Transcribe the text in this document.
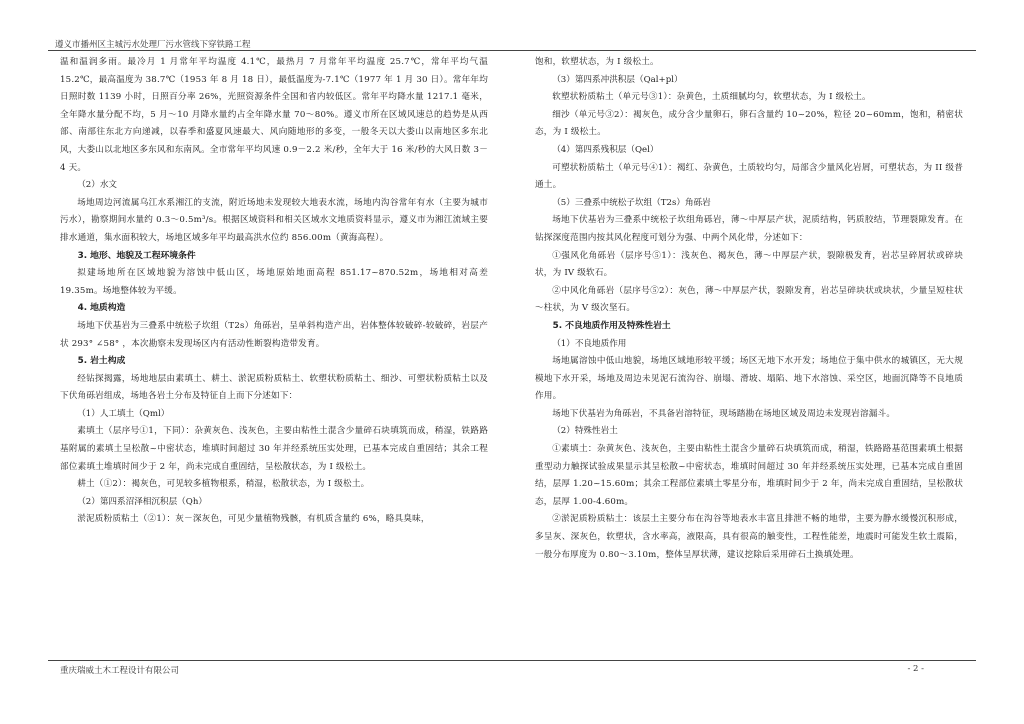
遵义市播州区主城污水处理厂污水管线下穿铁路工程

温和温润多雨。最冷月 1 月常年平均温度 4.1℃，最热月 7 月常年平均温度 25.7℃，常年平均气温 15.2℃，最高温度为 38.7℃（1953 年 8 月 18 日），最低温度为-7.1℃（1977 年 1 月 30 日）。常年年均日照时数 1139 小时，日照百分率 26%，光照资源条件全国和省内较低区。常年平均降水量 1217.1 毫米，全年降水量分配不均，5 月～10 月降水量约占全年降水量 70～80%。遵义市所在区域风速总的趋势是从西部、南部往东北方向递减，以春季和盛夏风速最大、风向随地形的多变，一般冬天以大娄山以南地区多东北风，大娄山以北地区多东风和东南风。全市常年平均风速 0.9－2.2 米/秒，全年大于 16 米/秒的大风日数 3－4 天。

（2）水文

场地周边河流属乌江水系湘江的支流，附近场地未发现较大地表水流，场地内沟谷常年有水（主要为城市污水），勘察期间水量约 0.3～0.5m³/s。根据区域资料和相关区域水文地质资料显示，遵义市为湘江流域主要排水通道，集水面积较大，场地区域多年平均最高洪水位约 856.00m（黄海高程）。

3. 地形、地貌及工程环境条件

拟建场地所在区域地貌为溶蚀中低山区，场地原始地面高程 851.17~870.52m，场地相对高差 19.35m。场地整体较为平缓。

4. 地质构造

场地下伏基岩为三叠系中统松子坎组（T2s）角砾岩，呈单斜构造产出，岩体整体较破碎-较破碎，岩层产状 293° ∠58° ，本次勘察未发现场区内有活动性断裂构造带发育。

5. 岩土构成

经钻探揭露，场地地层由素填土、耕土、淤泥质粉质粘土、软塑状粉质粘土、细沙、可塑状粉质粘土以及下伏角砾岩组成，场地各岩土分布及特征自上而下分述如下：

（1）人工填土（Qml）

素填土（层序号①1，下同）：杂黄灰色、浅灰色，主要由粘性土混含少量碎石块填筑而成，稍湿，铁路路基附属的素填土呈松散~中密状态，堆填时间超过 30 年并经系统压实处理，已基本完成自重固结；其余工程部位素填土堆填时间少于 2 年，尚未完成自重固结，呈松散状态，为 I 级松土。

耕土（①2）：褐灰色，可见较多植物根系，稍湿，松散状态，为 I 级松土。

（2）第四系沼泽相沉积层（Qh）

淤泥质粉质粘土（②1）：灰－深灰色，可见少量植物残骸，有机质含量约 6%，略具臭味，

饱和，软塑状态，为 I 级松土。

（3）第四系冲洪积层（Qal+pl）

软塑状粉质粘土（单元号③1）：杂黄色，土质细腻均匀，软塑状态，为 I 级松土。

细沙（单元号③2）：褐灰色，成分含少量卵石，卵石含量约 10~20%，粒径 20~60mm，饱和，稍密状态，为 I 级松土。

（4）第四系残积层（Qel）

可塑状粉质粘土（单元号④1）：褐红、杂黄色，土质较均匀，局部含少量风化岩屑，可塑状态，为 II 级普通土。

（5）三叠系中统松子坎组（T2s）角砾岩

场地下伏基岩为三叠系中统松子坎组角砾岩，薄～中厚层产状，泥质结构，钙质胶结，节理裂隙发育。在钻探深度范围内按其风化程度可划分为强、中两个风化带，分述如下：

①强风化角砾岩（层序号⑤1）：浅灰色、褐灰色，薄～中厚层产状，裂隙极发育，岩芯呈碎屑状或碎块状，为 IV 级软石。

②中风化角砾岩（层序号⑤2）：灰色，薄～中厚层产状，裂隙发育，岩芯呈碎块状或块状，少量呈短柱状～柱状，为 V 级次坚石。

5. 不良地质作用及特殊性岩土

（1）不良地质作用

场地属溶蚀中低山地貌，场地区域地形较平缓；场区无地下水开发；场地位于集中供水的城镇区，无大规模地下水开采，场地及周边未见泥石流沟谷、崩塌、滑坡、塌陷、地下水溶蚀、采空区，地面沉降等不良地质作用。

场地下伏基岩为角砾岩，不具备岩溶特征，现场踏勘在场地区域及周边未发现岩溶漏斗。

（2）特殊性岩土

①素填土：杂黄灰色、浅灰色，主要由粘性土混含少量碎石块填筑而成，稍湿，铁路路基范围素填土根据重型动力触探试验成果显示其呈松散~中密状态，堆填时间超过 30 年并经系统压实处理，已基本完成自重固结，层厚 1.20~15.60m；其余工程部位素填土零星分布，堆填时间少于 2 年，尚未完成自重固结，呈松散状态，层厚 1.00-4.60m。

②淤泥质粉质粘土：该层土主要分布在沟谷等地表水丰富且排泄不畅的地带，主要为静水缓慢沉积形成，多呈灰、深灰色，软塑状，含水率高，液限高，具有很高的触变性，工程性能差，地震时可能发生软土震陷，一般分布厚度为 0.80～3.10m，整体呈厚状薄，建议挖除后采用碎石土换填处理。

重庆瑞威土木工程设计有限公司	- 2 -
